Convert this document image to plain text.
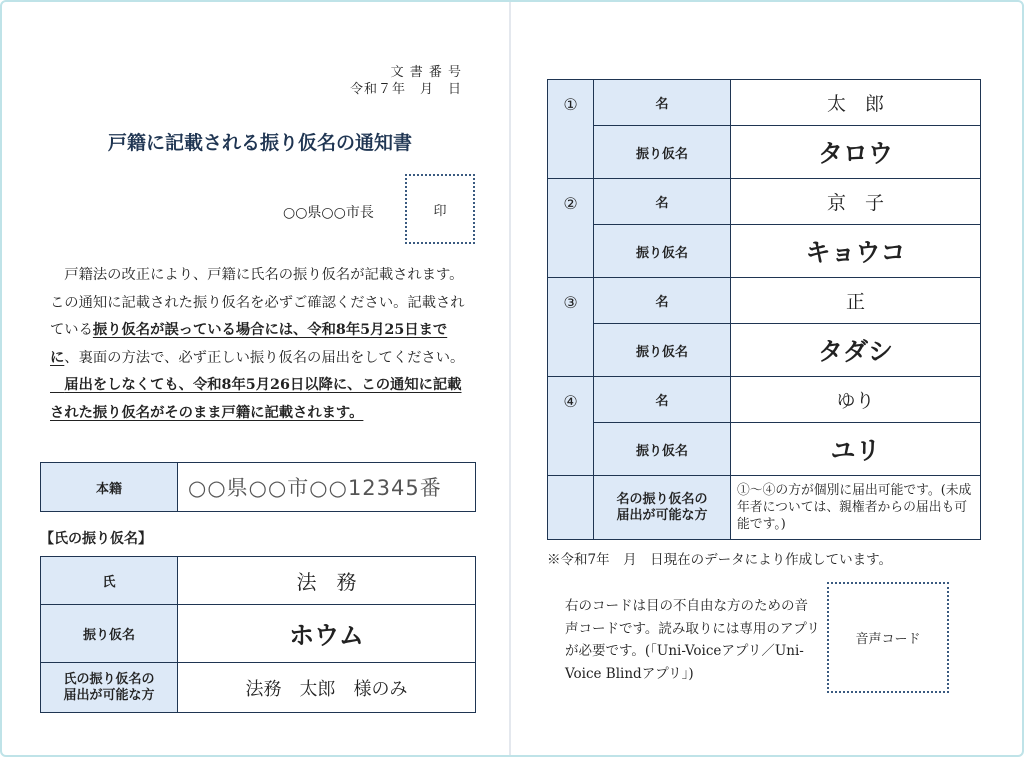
文 書 番 号
令和７年　月　日
戸籍に記載される振り仮名の通知書
○○県○○市長	印

　戸籍法の改正により、戸籍に氏名の振り仮名が記載されます。この通知に記載された振り仮名を必ずご確認ください。記載されている振り仮名が誤っている場合には、令和8年5月25日までに、裏面の方法で、必ず正しい振り仮名の届出をしてください。

　届出をしなくても、令和8年5月26日以降に、この通知に記載された振り仮名がそのまま戸籍に記載されます。

本籍	○○県○○市○○12345番
【氏の振り仮名】
氏	法　務
振り仮名	ホウム
氏の振り仮名の
届出が可能な方	法務　太郎　様のみ
①	名	太　郎
	振り仮名	タロウ
②	名	京　子
	振り仮名	キョウコ
③	名	正
	振り仮名	タダシ
④	名	ゆり
	振り仮名	ユリ
	名の振り仮名の
届出が可能な方	①～④の方が個別に届出可能です。(未成年者については、親権者からの届出も可能です。)
※令和7年　月　日現在のデータにより作成しています。
右のコードは目の不自由な方のための音声コードです。読み取りには専用のアプリが必要です。(「Uni-Voiceアプリ／Uni-Voice Blindアプリ」)
音声コード
